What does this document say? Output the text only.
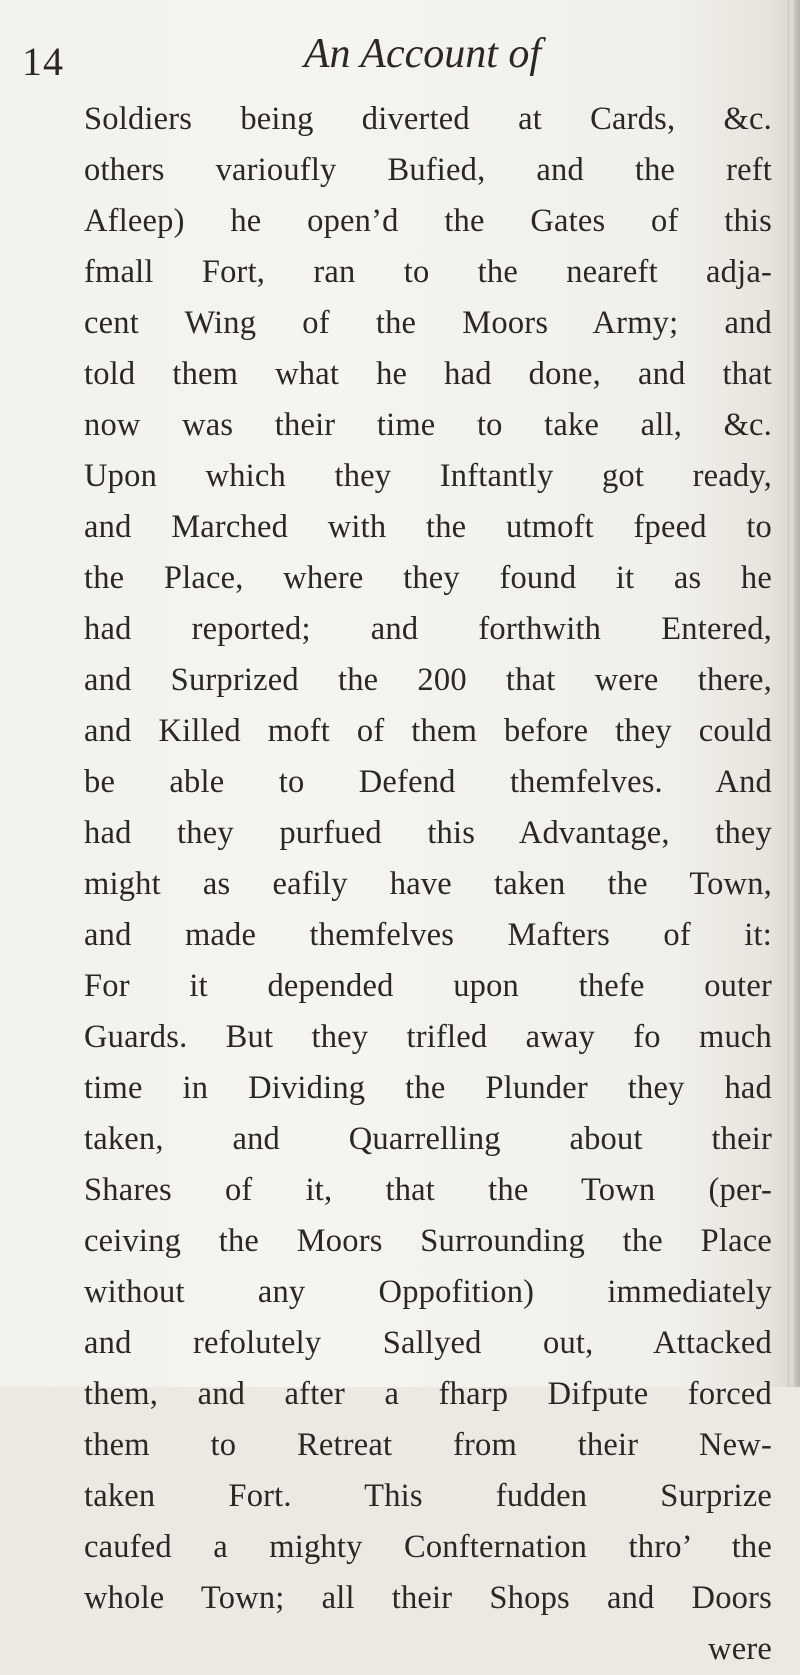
14	An Account of
Soldiers being diverted at Cards, &c.
others varioufly Bufied, and the reft
Afleep) he open’d the Gates of this
fmall Fort, ran to the neareft adja-
cent Wing of the Moors Army; and
told them what he had done, and that
now was their time to take all, &c.
Upon which they Inftantly got ready,
and Marched with the utmoft fpeed to
the Place, where they found it as he
had reported; and forthwith Entered,
and Surprized the 200 that were there,
and Killed moft of them before they could
be able to Defend themfelves. And
had they purfued this Advantage, they
might as eafily have taken the Town,
and made themfelves Mafters of it:
For it depended upon thefe outer
Guards. But they trifled away fo much
time in Dividing the Plunder they had
taken, and Quarrelling about their
Shares of it, that the Town (per-
ceiving the Moors Surrounding the Place
without any Oppofition) immediately
and refolutely Sallyed out, Attacked
them, and after a fharp Difpute forced
them to Retreat from their New-
taken Fort. This fudden Surprize
caufed a mighty Confternation thro’ the
whole Town; all their Shops and Doors
were
